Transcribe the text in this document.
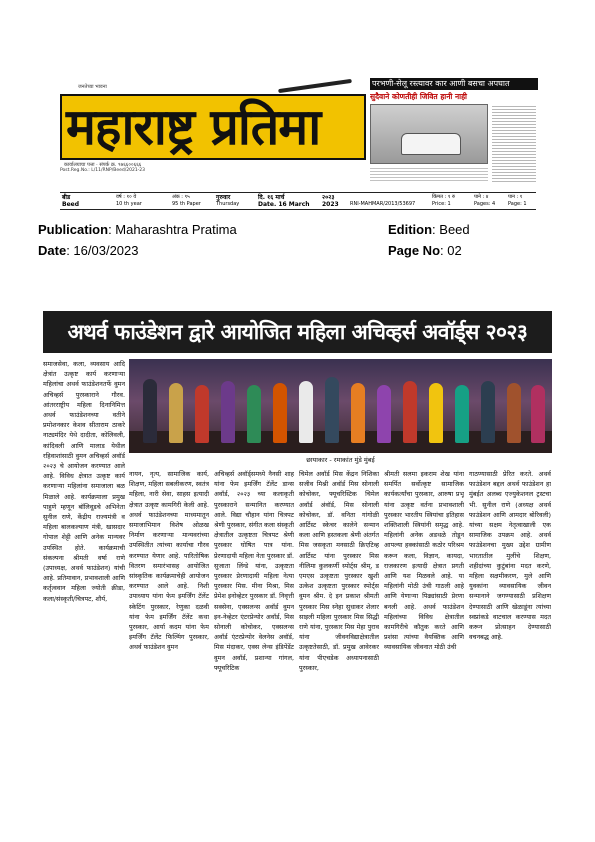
जनतेच्या भावना
महाराष्ट्र प्रतिमा
कार्यालयाचा पत्ता · संपर्क क्र. ९७६६००६६६
Post.Reg.No.: L/11/RNP/Beed/2021-23
परभणी-सेलू रस्त्यावर कार आणी बसचा अपघात
सुदैवाने कोणतीही जिवित हानी नाही
बीड	वर्ष : १० वे	अंक : ९५	गुरुवार	दि. १६ मार्च	२०२३	किंमत : १ रु	पाने : ४	पान : १
Beed	10 th year	95 th Paper	Thursday	Date. 16 March 2023 RNI-MAHMAR/2013/53697	Price: 1	Pages: 4	Page: 1
Publication: Maharashtra Pratima	Edition: Beed
Date: 16/03/2023	Page No: 02
अथर्व फाउंडेशन द्वारे आयोजित महिला अचिव्हर्स अवॉर्ड्स २०२३
समाजसेवा, कला, व्यवसाय आदि क्षेत्रांत उत्कृष्ट कार्य करणाऱ्या महिलांचा अथर्व फाउंडेशनतर्फे वुमन अचिव्हर्स पुरस्काराने गौरव. आंतरराष्ट्रीय महिला दिनानिमित्त अथर्व फाउंडेशनच्या वतीने प्रमोशनकार केशव सीताराम ठाकरे नाट्यमंदिर येथे दादीता, कोलिवली, कांदिवली आणि मालाड येथील रहिवाशांसाठी वुमन अचिव्हर्स अवॉर्ड २०२३ चे आयोजन करण्यात आले आहे. विविध क्षेत्रात उत्कृष्ट कार्य करणाऱ्या महिलांना समाजाला बळ मिळाले आहे. कार्यक्रमाला प्रमुख पाहुणे म्हणून बॉलिवूडचे अभिनेता सुनील राणे, केंद्रीय राज्यमंत्री व महिला बालकल्याण मंत्री, खासदार गोपाल शेट्टी आणि अनेक मान्यवर उपस्थित होते. कार्यक्रमाची संकल्पना श्रीमती वर्षा राणे (उपाध्यक्ष, अथर्व फाउंडेशन) यांची आहे. प्रतिमावान, प्रभावशाली आणि कर्तृत्ववान महिला ज्योती क्रीडा, कला/संस्कृती/चित्रपट, शौर्य,
छायाकार - रमाकांत मुंडे मुंबई
नायन, नृत्य, सामाजिक कार्य, शिक्षण, महिला सबलीकरण, स्वतंत्र महिला, नारी सेवा, साहस इत्यादी क्षेत्रात उत्कृष्ट कामगिरी केली आहे. अथर्व फाउंडेशनच्या माध्यमातून समाजाभिमान विशेष ओळख निर्माण करणाऱ्या मान्यवरांच्या उपस्थितीत त्यांच्या कार्याचा गौरव करण्यात येणार आहे. पारितोषिक वितरण समारंभासह आयोजित सांस्कृतिक कार्यक्रमाचेही आयोजन करण्यात आले आहे. निशी उपाध्याय यांना फेम इमर्जिंग टॅलेंट स्केटिंग पुरस्कार, रेणुका दळवी यांना फेम इमर्जिंग टॅलेंट कथा पुरस्कार, आर्या कदम यांना फेम इमर्जिंग टॅलेंट फिल्मिंग पुरस्कार, अथर्व फाउंडेशन वुमन
अचिव्हर्स अवॉर्ड्समध्ये नैनसी शाह यांना फेम इमर्जिंग टॅलेंट डान्स अवॉर्ड, २०२३ च्या कलाकृती पुरस्काराने सन्मानित करण्यात आले. विद्या चौहान यांना चित्रपट श्रेणी पुरस्कार, संगीत कला संस्कृती क्षेत्रातील उत्कृष्टता चित्रपट श्रेणी पुरस्कार घोषित पात्र यांना. प्रेरणादायी महिला नेता पुरस्कार डॉ. सुजाता लिंग्डे यांना, उत्कृष्टता पुरस्कार प्रेरणादायी महिला नेत्या पुरस्कार मिस. मीना मिश्रा, मिस प्रेमेश इनोव्हेटर पुरस्कार डॉ. निवृत्ती सक्सेना, एक्सलन्स अवॉर्ड वुमन इन-नेव्हेटर एंटरप्रेन्योर अवॉर्ड, मिस सोनाली कोचोकर, एक्सलन्स अवॉर्ड एंटरप्रेन्योर वेलनेस अवॉर्ड, मिस मंदाकर, एक्स लेन्स इंडिपेंडेंट वुमन अवॉर्ड, प्रशान्या गांगल, फ्यूचरिटिक
चिमेल अवॉर्ड मिस केंद्रन निशिका सजीव मिश्नी अवॉर्ड मिस सोनाली कोचोकर, फ्यूचरिस्टिक चिमेल अवॉर्ड अंवॉर्ड, मिस सोनाली कोचोकर, डॉ. वनिता गांगोळी आर्टिस्ट स्केचर कालेने सन्मान कला आणि हस्तकला श्रेणी अंतर्गत मिस जसकृता मनसाठी क्रिएटिव्ह आर्टिस्ट यांना पुरस्कार मिस नीलिमा कुलकर्णी स्पोर्ट्स श्रीम्, ड एमएस उत्कृष्टता पुरस्कार खुशी उत्केश उत्कृष्टता पुरस्कार स्पोर्ट्स वुमन श्रीम. दे इन प्रकाश श्रीमती पुरस्कार मिस स्नेहा सुधाकर शेलार साइली महिला पुरस्कार मिस सिद्धी राणे यांना, पुरस्कार मिस मेहा पुराव यांना जीवनविद्याक्षेत्रातील उत्कृष्टतेसाठी, डॉ. प्रमुख आवेरकर यांना पीएचडेक अध्यापनासाठी पुरस्कार,
श्रीमती सलमा इकराम शेख यांना समर्पित सर्वोत्कृष्ट सामाजिक कार्यकर्त्यांचा पुरस्कार, आरुषा प्रभू यांना उत्कृष्ट वर्तना प्रभावशाली पुरस्कार भारतीय स्त्रियांचा इतिहास शक्तिशाली स्त्रियांनी समृद्ध आहे. महिलांनी अनेक अडथळे तोडून आपल्या हक्कांसाठी कठोर परिश्रम करून कला, विज्ञान, कायदा, राजकारण इत्यादी क्षेत्रात प्रगती आणि यश मिळवले आहे. या महिलांनी मोठी उंची गाठली आहे आणि येणाऱ्या पिढ्यांसाठी प्रेरणा बनली आहे. अथर्व फाउंडेशन महिलांच्या विविध क्षेत्रातील कामगिरीचे कौतुक करते आणि प्रशंसा त्यांच्या वैयक्तिक आणि व्यावसायिक जीवनात मोठी उंची
गाठण्यासाठी प्रेरित करते. अथर्व फाउंडेशन बद्दल अथर्व फाउंडेशन हा मुंबईत अलब्ध एज्युकेशनल ट्रस्टचा भी. सुनील राणे (अध्यक्ष अथर्व फाउंडेशन आणि आमदार बोरिवली) यांच्या सक्षम नेतृत्वाखाली एक सामाजिक उपक्रम आहे. अथर्व फाउंडेशनचा मुख्य उद्देश ग्रामीण भारतातील मुलींचे शिक्षण, शहीदांच्या कुटुंबांना मदत करणे, महिला सक्षमीकरण, मुले आणि युवकांना व्यावसायिक जीवन सन्मानाने जगण्यासाठी प्रशिक्षण देण्यासाठी आणि खेळाडूंना त्यांच्या स्वप्नांकडे वाटचाल करण्यास मदत करून प्रोत्साहन देण्यासाठी वचनबद्ध आहे.
